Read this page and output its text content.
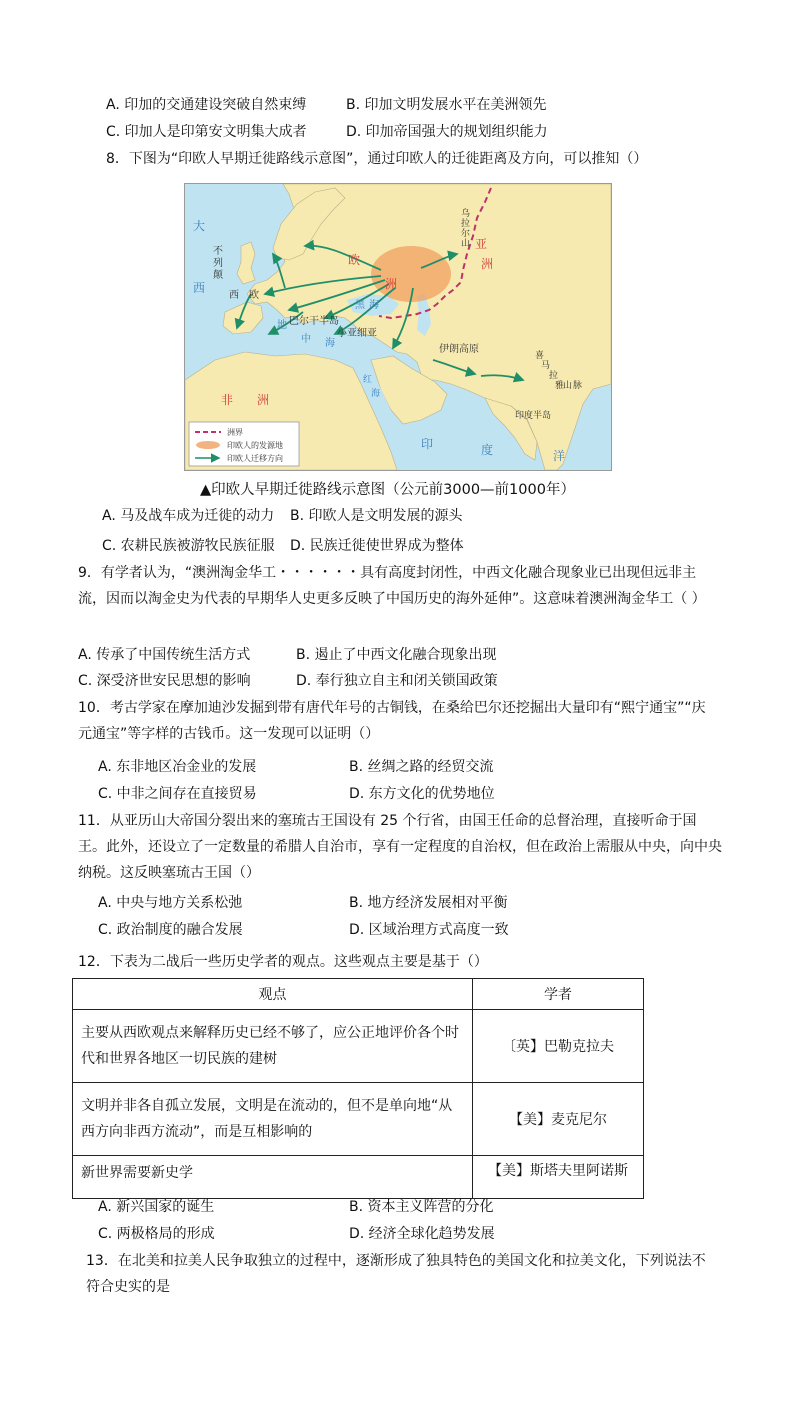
A. 印加的交通建设突破自然束缚	B. 印加文明发展水平在美洲领先
C. 印加人是印第安文明集大成者	D. 印加帝国强大的规划组织能力
8．下图为“印欧人早期迁徙路线示意图”，通过印欧人的迁徙距离及方向，可以推知（）
大
西
欧
洲
不
列
颠
西　欧
巴尔干半岛
黑 海
小亚细亚
地
中 海
红
海
乌
拉
尔
山 亚
洲
伊朗高原
喜
马
拉
雅
山 脉
非　　洲
印度半岛
印	度	洋
洲界
印欧人的发源地
印欧人迁移方向
▲印欧人早期迁徙路线示意图（公元前3000—前1000年）
A. 马及战车成为迁徙的动力 B. 印欧人是文明发展的源头
C. 农耕民族被游牧民族征服 D. 民族迁徙使世界成为整体
9．有学者认为，“澳洲淘金华工・・・・・・具有高度封闭性，中西文化融合现象业已出现但远非主流，因而以淘金史为代表的早期华人史更多反映了中国历史的海外延伸”。这意味着澳洲淘金华工（ ）
A. 传承了中国传统生活方式	B. 遏止了中西文化融合现象出现
C. 深受济世安民思想的影响	D. 奉行独立自主和闭关锁国政策
10．考古学家在摩加迪沙发掘到带有唐代年号的古铜钱，在桑给巴尔还挖掘出大量印有“熙宁通宝”“庆元通宝”等字样的古钱币。这一发现可以证明（）
A. 东非地区冶金业的发展	B. 丝绸之路的经贸交流
C. 中非之间存在直接贸易	D. 东方文化的优势地位
11．从亚历山大帝国分裂出来的塞琉古王国设有 25 个行省，由国王任命的总督治理，直接听命于国王。此外，还设立了一定数量的希腊人自治市，享有一定程度的自治权，但在政治上需服从中央，向中央纳税。这反映塞琉古王国（）
A. 中央与地方关系松弛	B. 地方经济发展相对平衡
C. 政治制度的融合发展	D. 区域治理方式高度一致
12．下表为二战后一些历史学者的观点。这些观点主要是基于（）
观点	学者
主要从西欧观点来解释历史已经不够了，应公正地评价各个时代和世界各地区一切民族的建树	〔英】巴勒克拉夫
文明并非各自孤立发展，文明是在流动的，但不是单向地“从西方向非西方流动”，而是互相影响的	【美】麦克尼尔
新世界需要新史学	【美】斯塔夫里阿诺斯
A. 新兴国家的诞生	B. 资本主义阵营的分化
C. 两极格局的形成	D. 经济全球化趋势发展
13．在北美和拉美人民争取独立的过程中，逐渐形成了独具特色的美国文化和拉美文化，下列说法不符合史实的是
